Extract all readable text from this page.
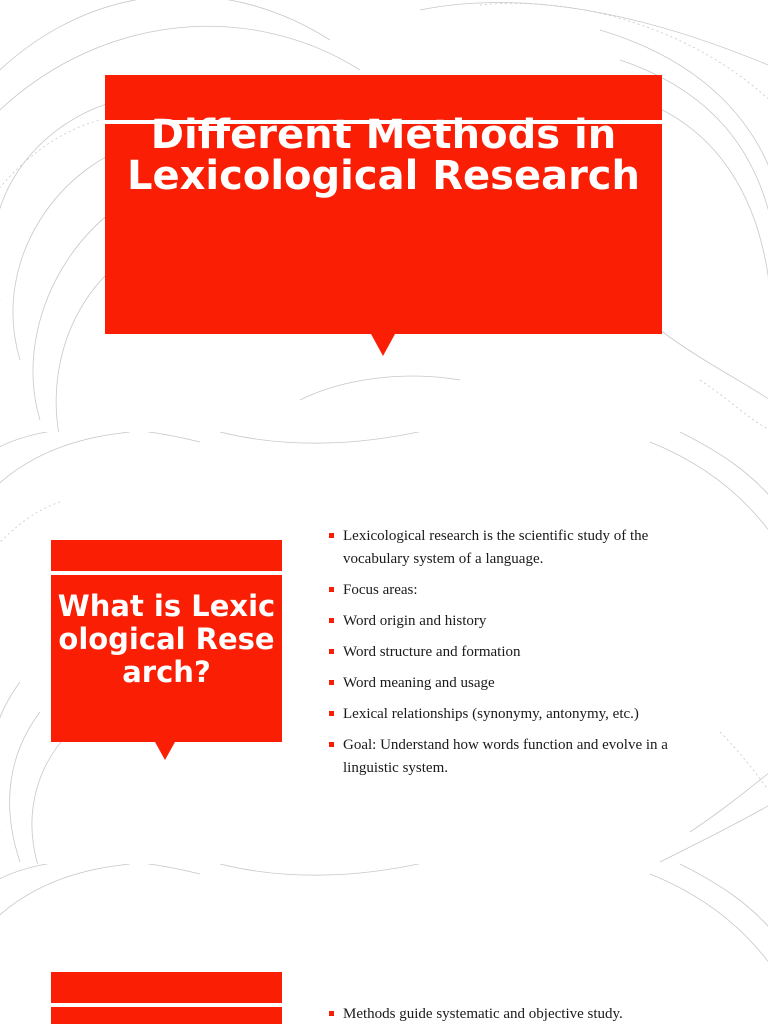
Different Methods in Lexicological Research
What is Lexicological Research?
Lexicological research is the scientific study of the vocabulary system of a language.
Focus areas:
Word origin and history
Word structure and formation
Word meaning and usage
Lexical relationships (synonymy, antonymy, etc.)
Goal: Understand how words function and evolve in a linguistic system.
Methods guide systematic and objective study.
